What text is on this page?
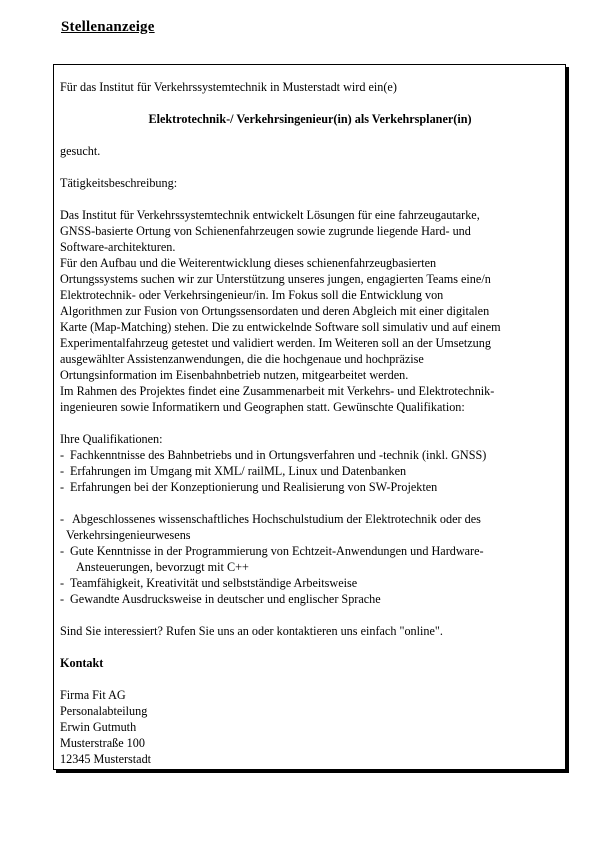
Stellenanzeige

Für das Institut für Verkehrssystemtechnik in Musterstadt wird ein(e)

Elektrotechnik-/ Verkehrsingenieur(in) als Verkehrsplaner(in)

gesucht.

Tätigkeitsbeschreibung:

Das Institut für Verkehrssystemtechnik entwickelt Lösungen für eine fahrzeugautarke,
GNSS-basierte Ortung von Schienenfahrzeugen sowie zugrunde liegende Hard- und
Software-architekturen.
Für den Aufbau und die Weiterentwicklung dieses schienenfahrzeugbasierten
Ortungssystems suchen wir zur Unterstützung unseres jungen, engagierten Teams eine/n
Elektrotechnik- oder Verkehrsingenieur/in. Im Fokus soll die Entwicklung von
Algorithmen zur Fusion von Ortungssensordaten und deren Abgleich mit einer digitalen
Karte (Map-Matching) stehen. Die zu entwickelnde Software soll simulativ und auf einem
Experimentalfahrzeug getestet und validiert werden. Im Weiteren soll an der Umsetzung
ausgewählter Assistenzanwendungen, die die hochgenaue und hochpräzise
Ortungsinformation im Eisenbahnbetrieb nutzen, mitgearbeitet werden.
Im Rahmen des Projektes findet eine Zusammenarbeit mit Verkehrs- und Elektrotechnik-
ingenieuren sowie Informatikern und Geographen statt. Gewünschte Qualifikation:

Ihre Qualifikationen:

- Fachkenntnisse des Bahnbetriebs und in Ortungsverfahren und -technik (inkl. GNSS)
- Erfahrungen im Umgang mit XML/ railML, Linux und Datenbanken
- Erfahrungen bei der Konzeptionierung und Realisierung von SW-Projekten
- Abgeschlossenes wissenschaftliches Hochschulstudium der Elektrotechnik oder des
Verkehrsingenieurwesens
- Gute Kenntnisse in der Programmierung von Echtzeit-Anwendungen und Hardware-
Ansteuerungen, bevorzugt mit C++
- Teamfähigkeit, Kreativität und selbstständige Arbeitsweise
- Gewandte Ausdrucksweise in deutscher und englischer Sprache

Sind Sie interessiert? Rufen Sie uns an oder kontaktieren uns einfach "online".

Kontakt

Firma Fit AG
Personalabteilung
Erwin Gutmuth
Musterstraße 100
12345 Musterstadt
